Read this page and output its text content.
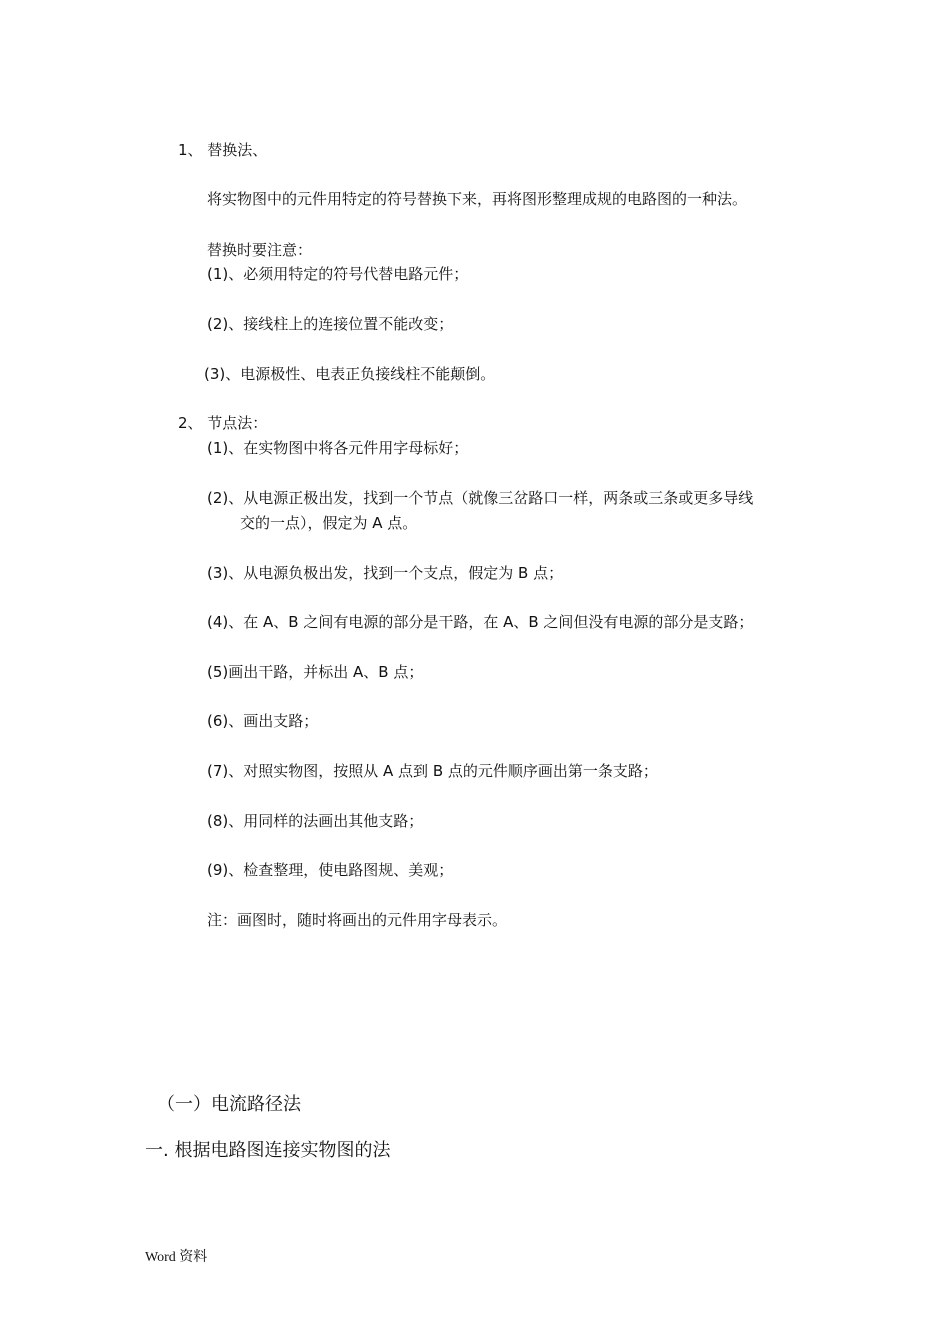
1、 替换法、
将实物图中的元件用特定的符号替换下来，再将图形整理成规的电路图的一种法。
替换时要注意：
(1)、必须用特定的符号代替电路元件；
(2)、接线柱上的连接位置不能改变；
(3)、电源极性、电表正负接线柱不能颠倒。
2、 节点法：
(1)、在实物图中将各元件用字母标好；
(2)、从电源正极出发，找到一个节点（就像三岔路口一样，两条或三条或更多导线
交的一点），假定为 A 点。
(3)、从电源负极出发，找到一个支点，假定为 B 点；
(4)、在 A、B 之间有电源的部分是干路，在 A、B 之间但没有电源的部分是支路；
(5)画出干路，并标出 A、B 点；
(6)、画出支路；
(7)、对照实物图，按照从 A 点到 B 点的元件顺序画出第一条支路；
(8)、用同样的法画出其他支路；
(9)、检查整理，使电路图规、美观；
注：画图时，随时将画出的元件用字母表示。
（一）电流路径法
一. 根据电路图连接实物图的法
Word 资料
